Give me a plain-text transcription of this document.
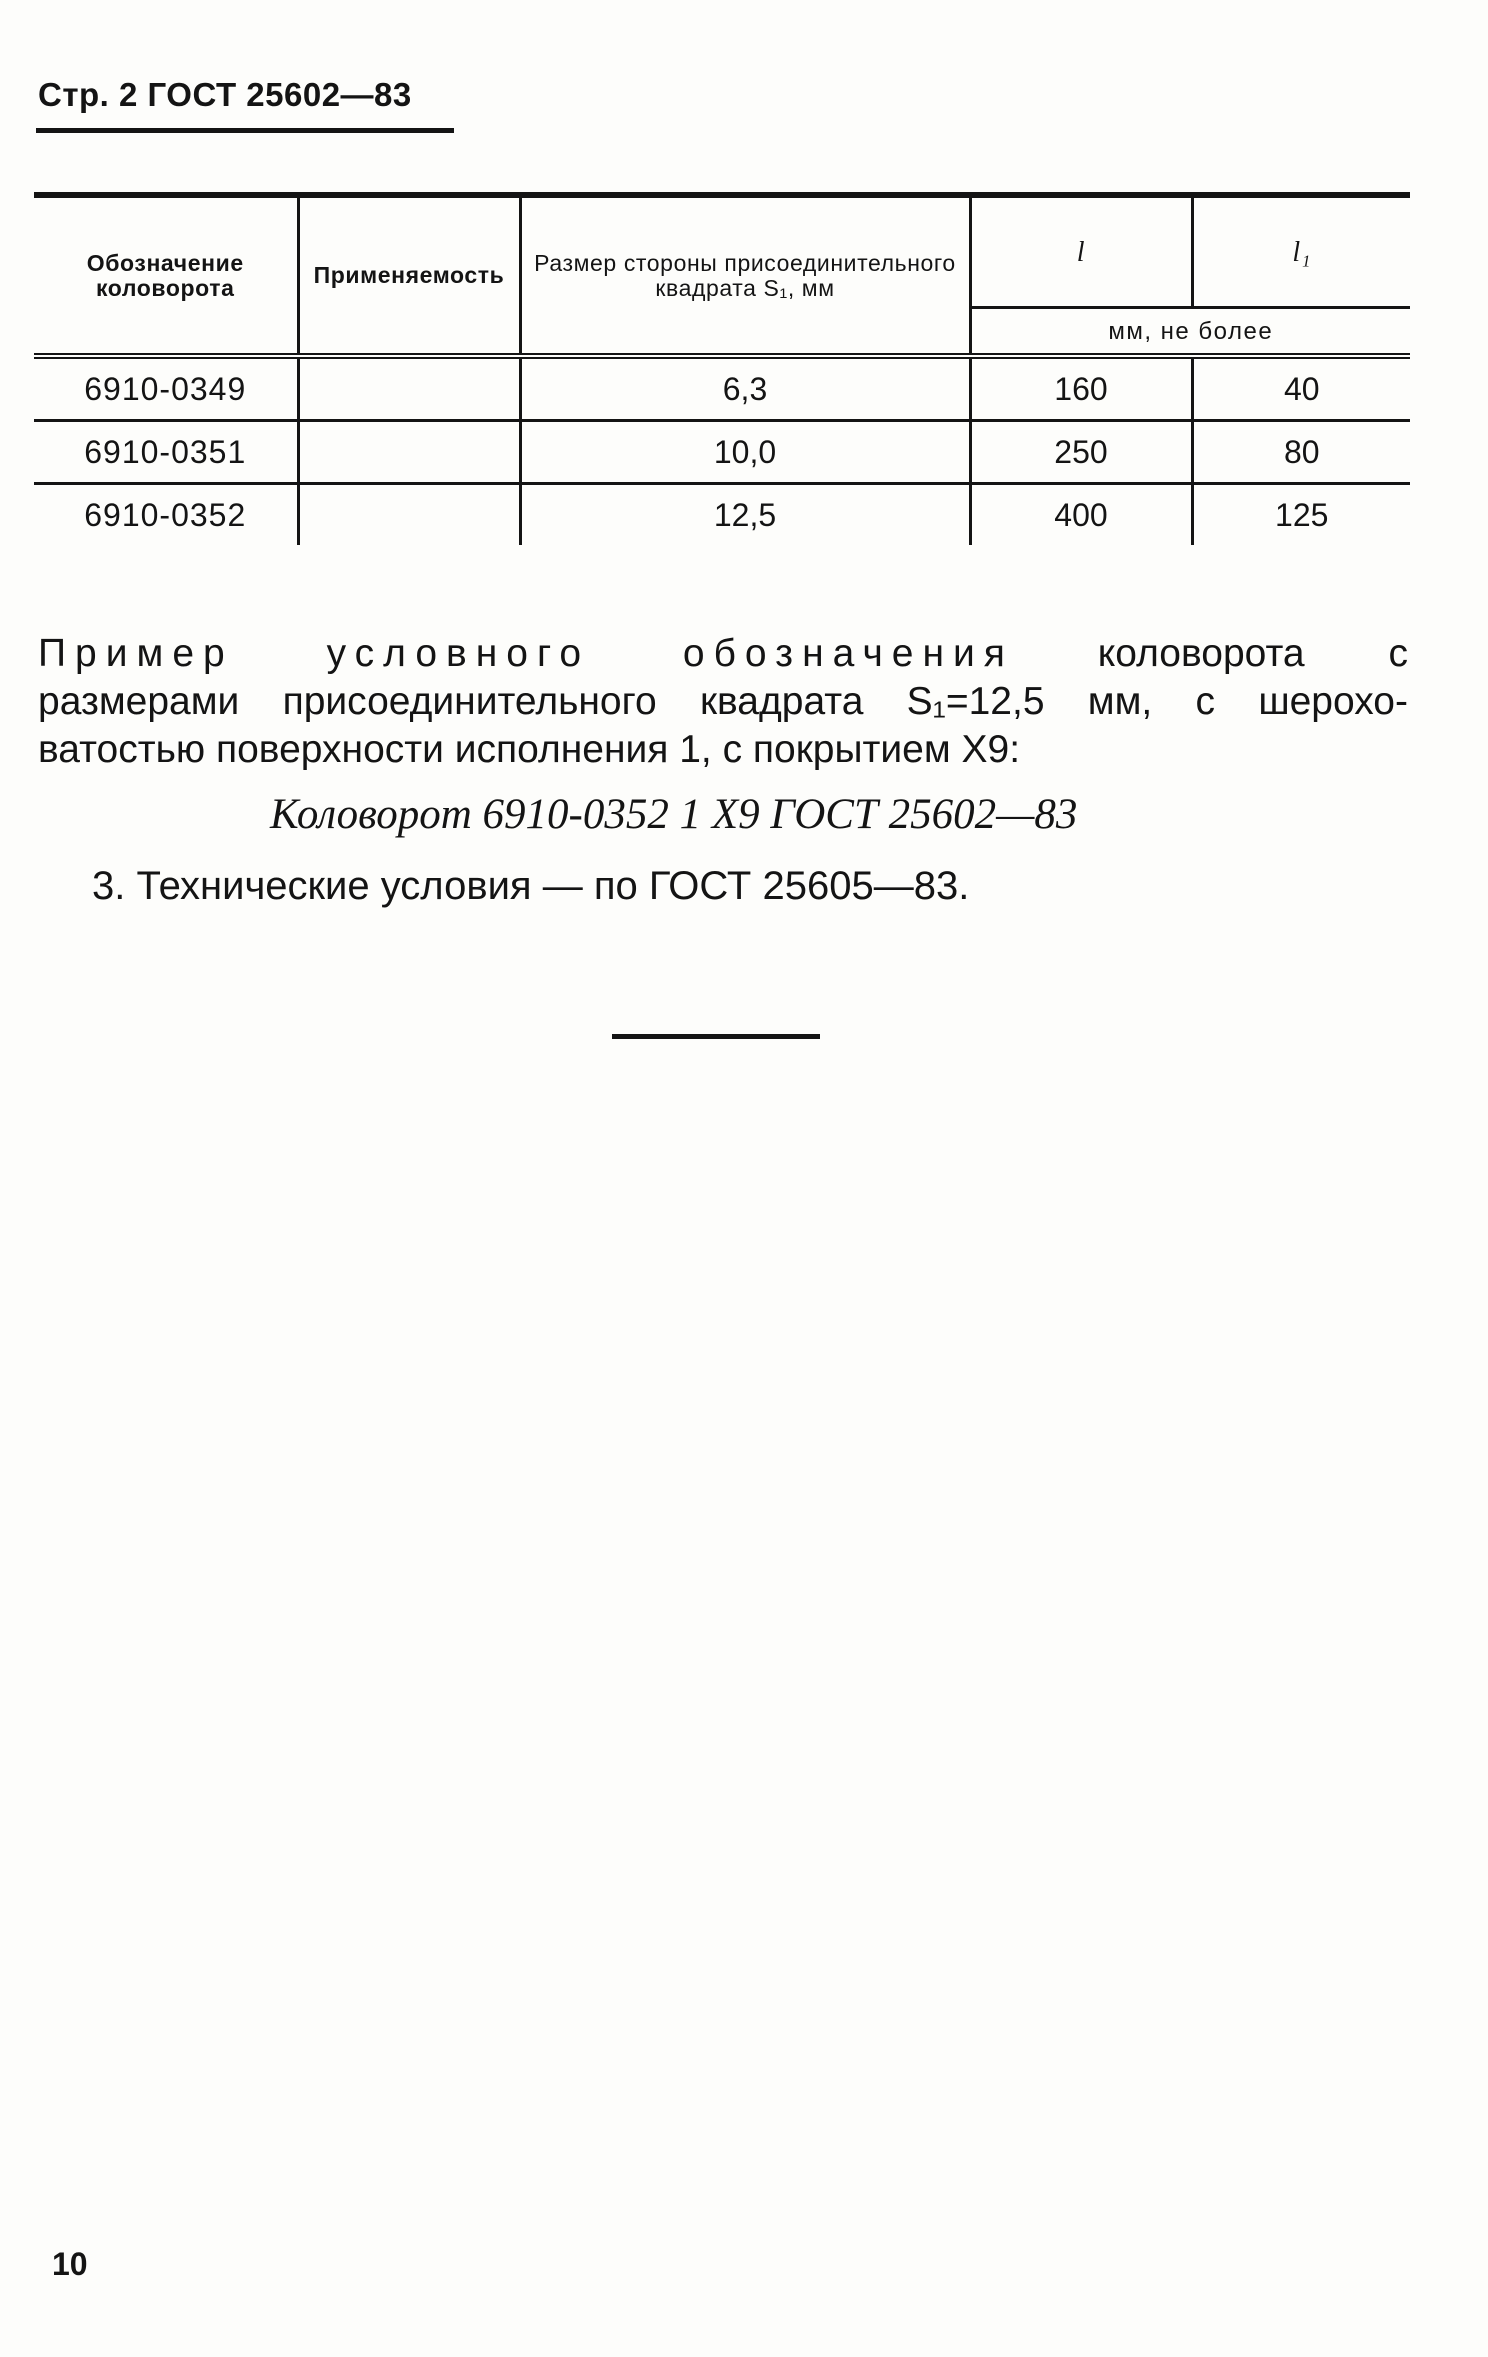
Стр. 2 ГОСТ 25602—83
Обозначение коловорота	Применяемость	Размер стороны присоединительного квадрата S₁, мм	l	l₁
			мм, не более	
6910-0349		6,3	160	40
6910-0351		10,0	250	80
6910-0352		12,5	400	125
Пример условного обозначения коловорота с
размерами присоединительного квадрата S₁=12,5 мм, с шерохо-
ватостью поверхности исполнения 1, с покрытием Х9:
Коловорот 6910-0352 1 Х9 ГОСТ 25602—83
3. Технические условия — по ГОСТ 25605—83.
10
